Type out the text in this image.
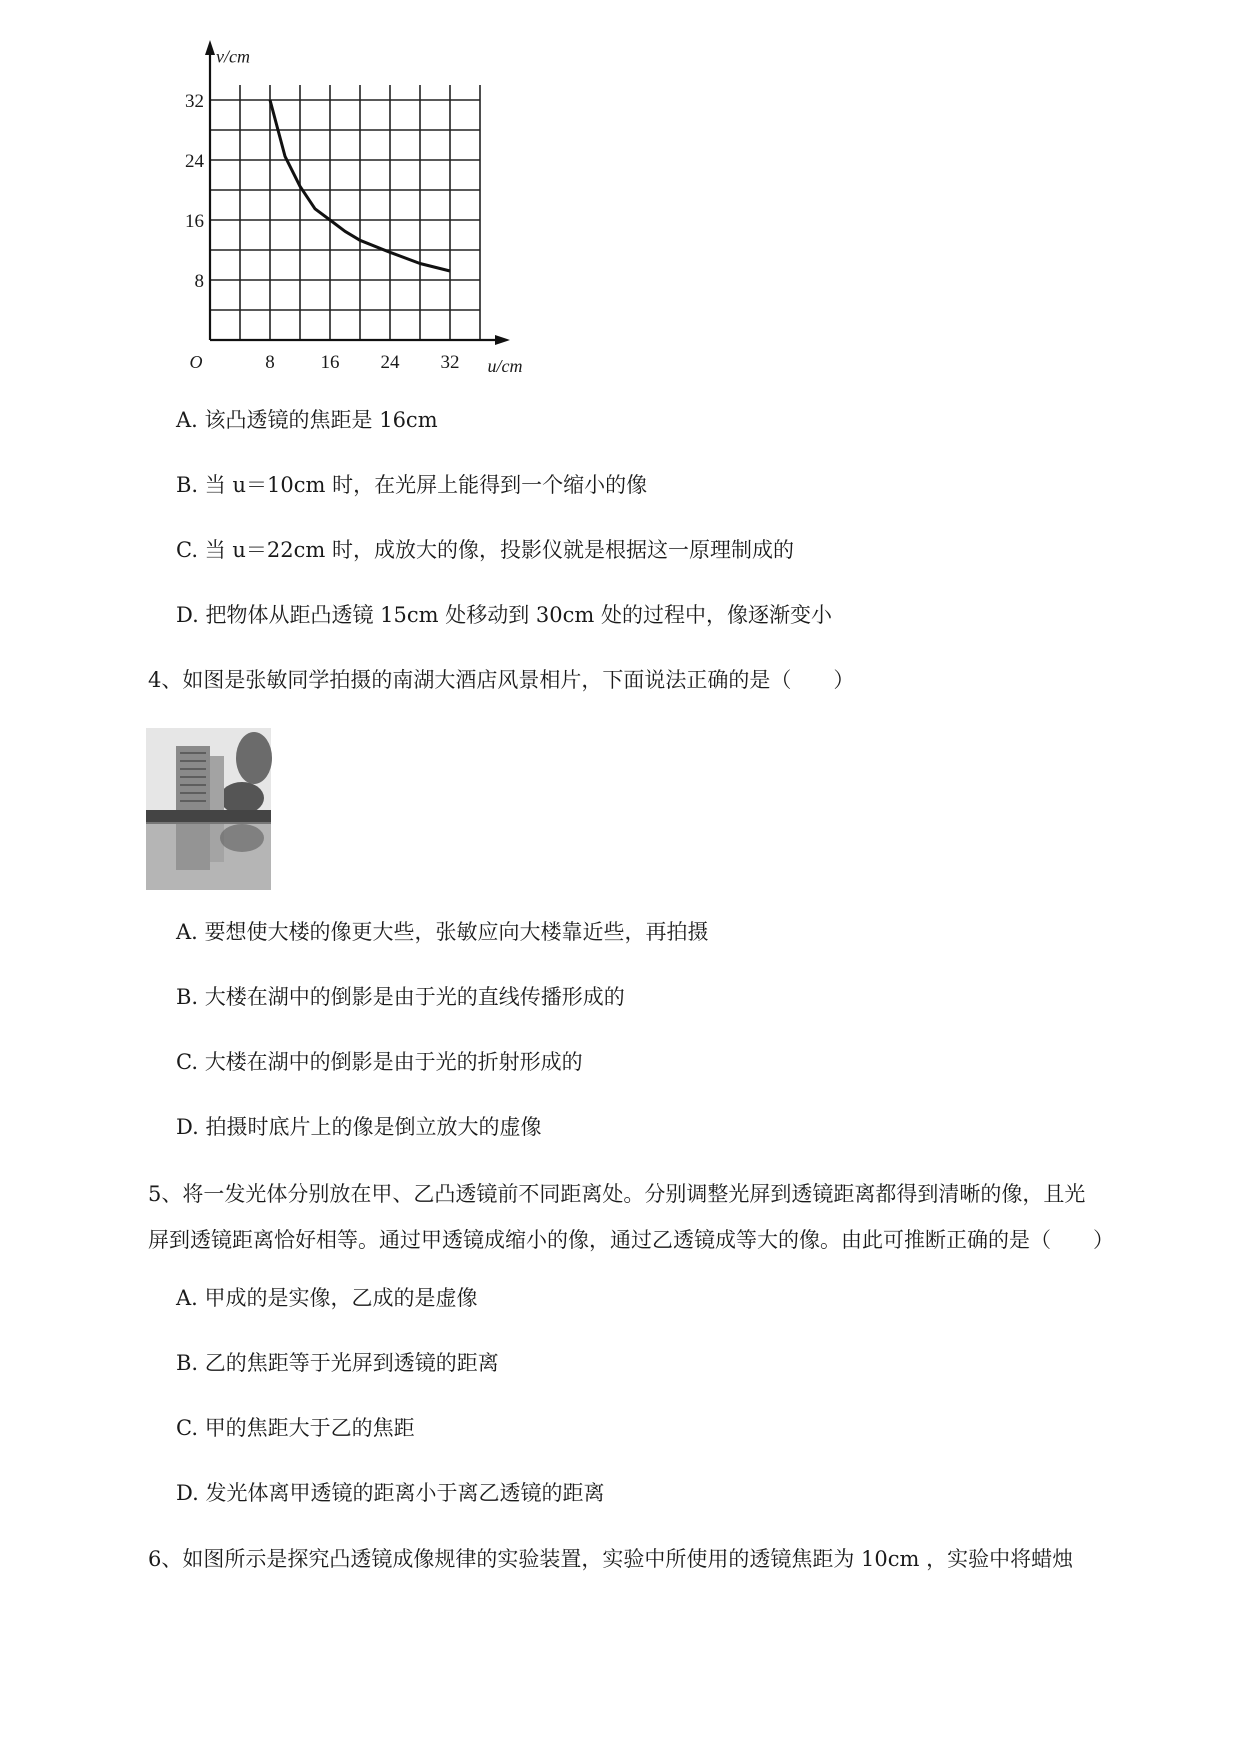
8 16 24 32
8
16
24
32
O	u/cm
v/cm
A. 该凸透镜的焦距是 16cm
B. 当 u＝10cm 时，在光屏上能得到一个缩小的像
C. 当 u＝22cm 时，成放大的像，投影仪就是根据这一原理制成的
D. 把物体从距凸透镜 15cm 处移动到 30cm 处的过程中，像逐渐变小
4、如图是张敏同学拍摄的南湖大酒店风景相片，下面说法正确的是（　　）
A. 要想使大楼的像更大些，张敏应向大楼靠近些，再拍摄
B. 大楼在湖中的倒影是由于光的直线传播形成的
C. 大楼在湖中的倒影是由于光的折射形成的
D. 拍摄时底片上的像是倒立放大的虚像
5、将一发光体分别放在甲、乙凸透镜前不同距离处。分别调整光屏到透镜距离都得到清晰的像，且光
屏到透镜距离恰好相等。通过甲透镜成缩小的像，通过乙透镜成等大的像。由此可推断正确的是（　　）
A. 甲成的是实像，乙成的是虚像
B. 乙的焦距等于光屏到透镜的距离
C. 甲的焦距大于乙的焦距
D. 发光体离甲透镜的距离小于离乙透镜的距离
6、如图所示是探究凸透镜成像规律的实验装置，实验中所使用的透镜焦距为 10cm ，实验中将蜡烛
